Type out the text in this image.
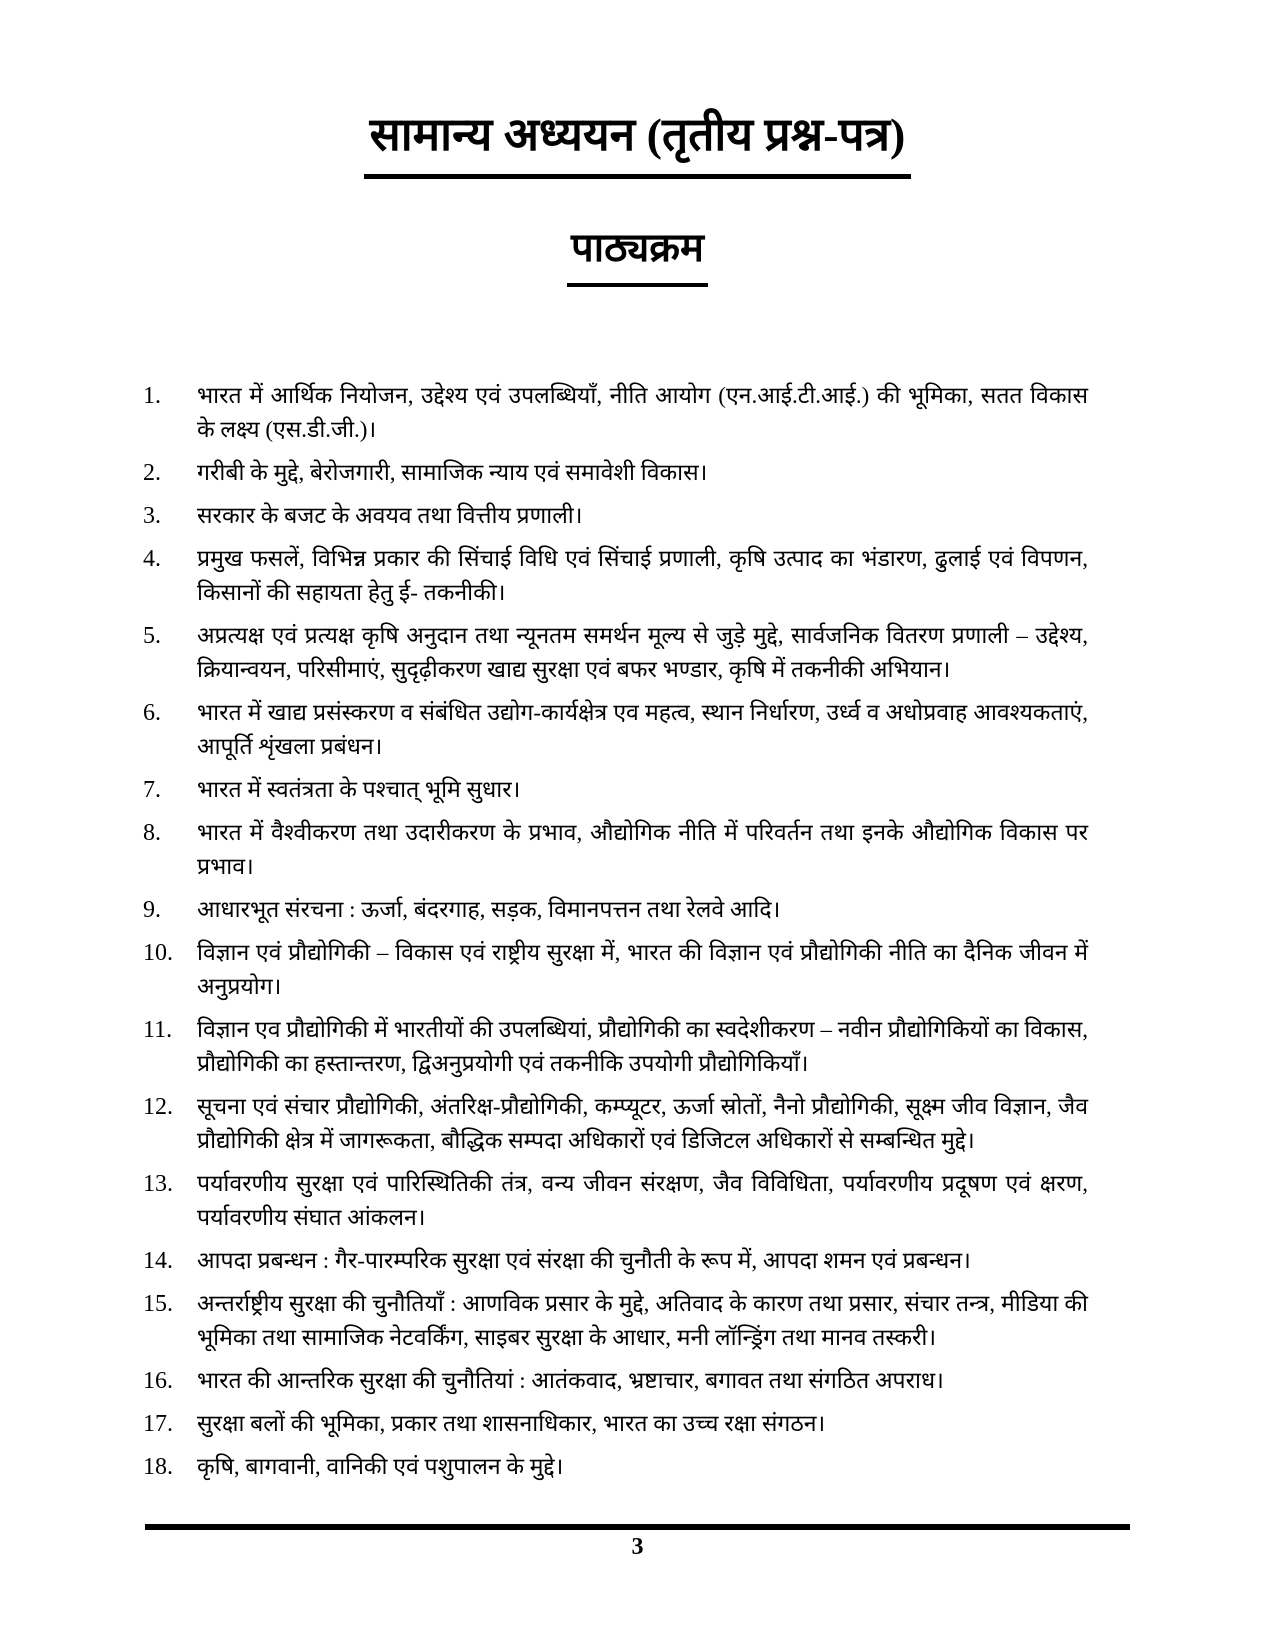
सामान्य अध्ययन (तृतीय प्रश्न-पत्र)
पाठ्यक्रम
1.	भारत में आर्थिक नियोजन, उद्देश्य एवं उपलब्धियाँ, नीति आयोग (एन.आई.टी.आई.) की भूमिका, सतत विकास के लक्ष्य (एस.डी.जी.)।
2.	गरीबी के मुद्दे, बेरोजगारी, सामाजिक न्याय एवं समावेशी विकास।
3.	सरकार के बजट के अवयव तथा वित्तीय प्रणाली।
4.	प्रमुख फसलें, विभिन्न प्रकार की सिंचाई विधि एवं सिंचाई प्रणाली, कृषि उत्पाद का भंडारण, ढुलाई एवं विपणन, किसानों की सहायता हेतु ई- तकनीकी।
5.	अप्रत्यक्ष एवं प्रत्यक्ष कृषि अनुदान तथा न्यूनतम समर्थन मूल्य से जुड़े मुद्दे, सार्वजनिक वितरण प्रणाली – उद्देश्य, क्रियान्वयन, परिसीमाएं, सुदृढ़ीकरण खाद्य सुरक्षा एवं बफर भण्डार, कृषि में तकनीकी अभियान।
6.	भारत में खाद्य प्रसंस्करण व संबंधित उद्योग-कार्यक्षेत्र एव महत्व, स्थान निर्धारण, उर्ध्व व अधोप्रवाह आवश्यकताएं, आपूर्ति शृंखला प्रबंधन।
7.	भारत में स्वतंत्रता के पश्चात् भूमि सुधार।
8.	भारत में वैश्वीकरण तथा उदारीकरण के प्रभाव, औद्योगिक नीति में परिवर्तन तथा इनके औद्योगिक विकास पर प्रभाव।
9.	आधारभूत संरचना : ऊर्जा, बंदरगाह, सड़क, विमानपत्तन तथा रेलवे आदि।
10.	विज्ञान एवं प्रौद्योगिकी – विकास एवं राष्ट्रीय सुरक्षा में, भारत की विज्ञान एवं प्रौद्योगिकी नीति का दैनिक जीवन में अनुप्रयोग।
11.	विज्ञान एव प्रौद्योगिकी में भारतीयों की उपलब्धियां, प्रौद्योगिकी का स्वदेशीकरण – नवीन प्रौद्योगिकियों का विकास, प्रौद्योगिकी का हस्तान्तरण, द्विअनुप्रयोगी एवं तकनीकि उपयोगी प्रौद्योगिकियाँ।
12.	सूचना एवं संचार प्रौद्योगिकी, अंतरिक्ष-प्रौद्योगिकी, कम्प्यूटर, ऊर्जा स्रोतों, नैनो प्रौद्योगिकी, सूक्ष्म जीव विज्ञान, जैव प्रौद्योगिकी क्षेत्र में जागरूकता, बौद्धिक सम्पदा अधिकारों एवं डिजिटल अधिकारों से सम्बन्धित मुद्दे।
13.	पर्यावरणीय सुरक्षा एवं पारिस्थितिकी तंत्र, वन्य जीवन संरक्षण, जैव विविधिता, पर्यावरणीय प्रदूषण एवं क्षरण, पर्यावरणीय संघात आंकलन।
14.	आपदा प्रबन्धन : गैर-पारम्परिक सुरक्षा एवं संरक्षा की चुनौती के रूप में, आपदा शमन एवं प्रबन्धन।
15.	अन्तर्राष्ट्रीय सुरक्षा की चुनौतियाँ : आणविक प्रसार के मुद्दे, अतिवाद के कारण तथा प्रसार, संचार तन्त्र, मीडिया की भूमिका तथा सामाजिक नेटवर्किंग, साइबर सुरक्षा के आधार, मनी लॉन्ड्रिंग तथा मानव तस्करी।
16.	भारत की आन्तरिक सुरक्षा की चुनौतियां : आतंकवाद, भ्रष्टाचार, बगावत तथा संगठित अपराध।
17.	सुरक्षा बलों की भूमिका, प्रकार तथा शासनाधिकार, भारत का उच्च रक्षा संगठन।
18.	कृषि, बागवानी, वानिकी एवं पशुपालन के मुद्दे।
3
